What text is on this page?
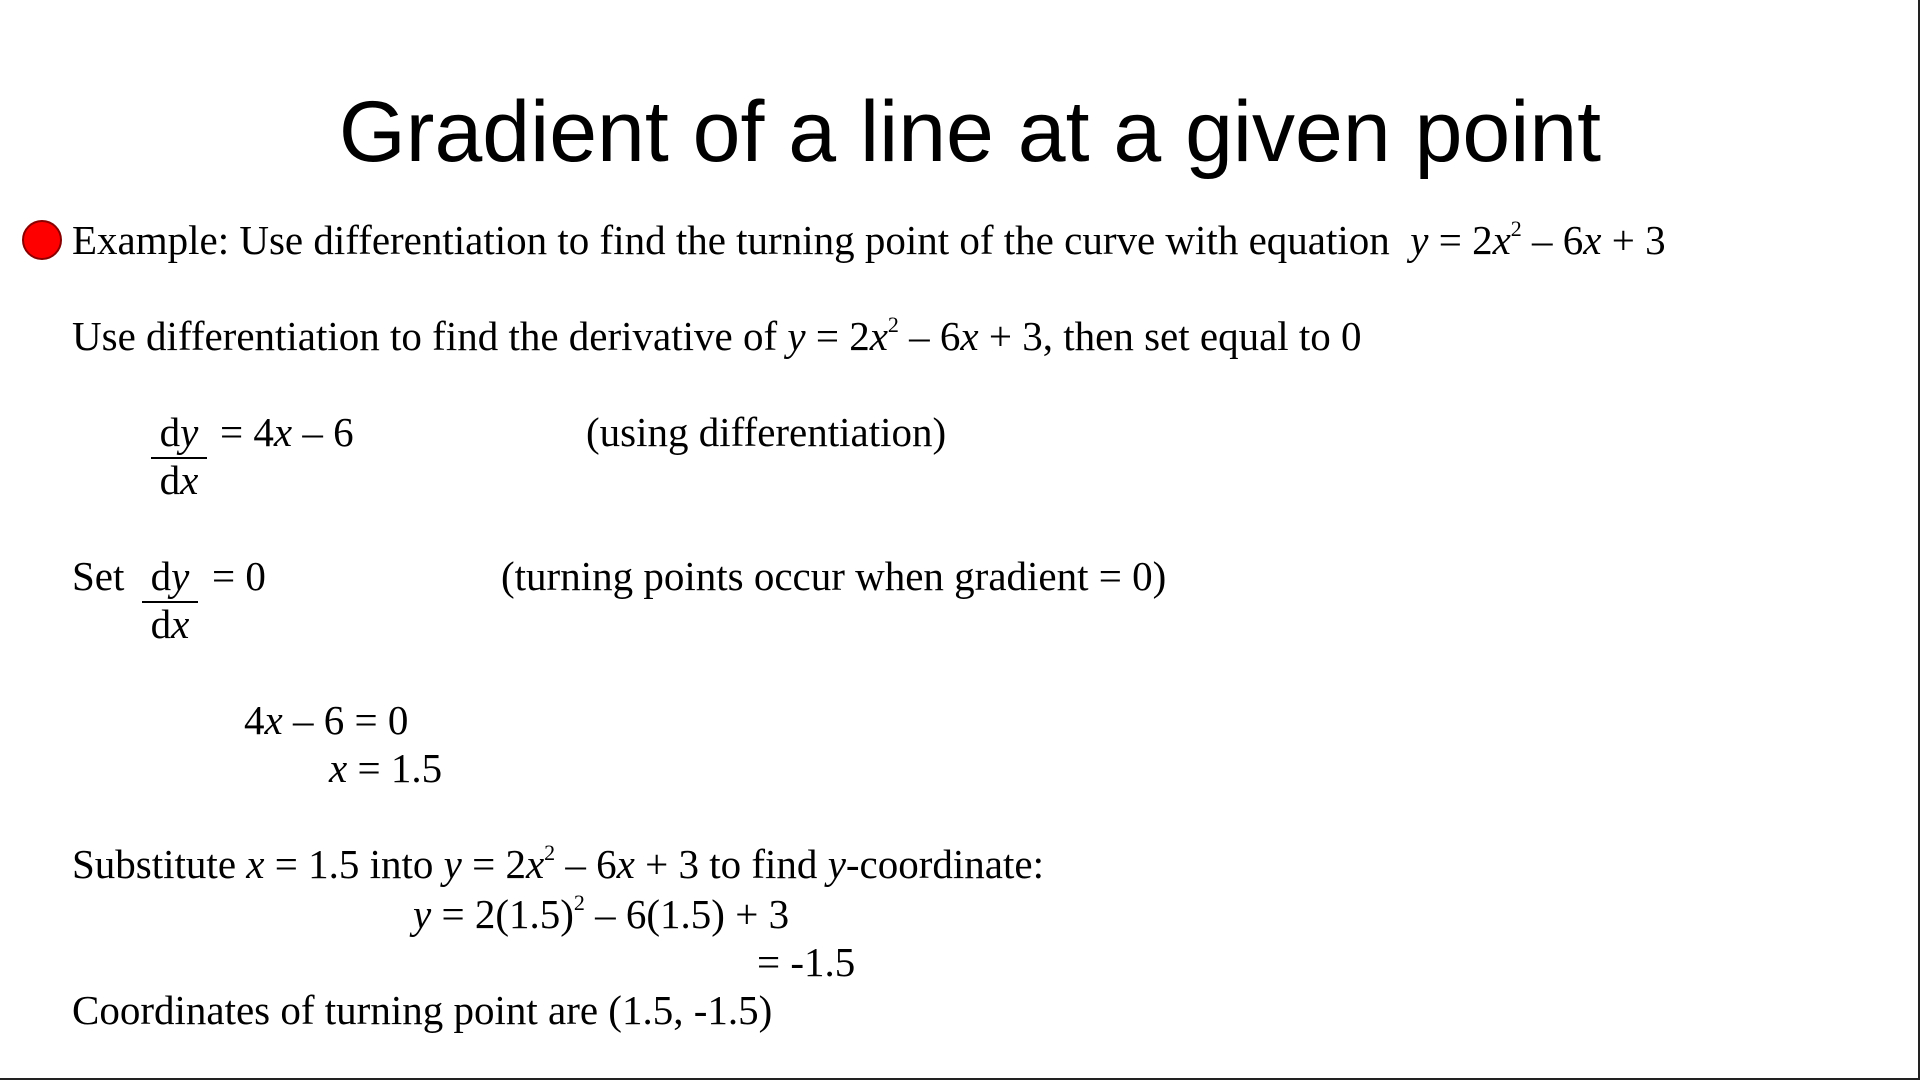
Gradient of a line at a given point
Example: Use differentiation to find the turning point of the curve with equation $y = 2x^2 - 6x + 3$
Use differentiation to find the derivative of $y = 2x^2 - 6x + 3$, then set equal to 0
dy
dx
= 4x – 6	(using differentiation)
Set dy
dx
= 0	(turning points occur when gradient = 0)
4x – 6 = 0
x = 1.5
Substitute x = 1.5 into $y = 2x^2 - 6x + 3$ to find y-coordinate:
$y = 2(1.5)^2 - 6(1.5) + 3$
= -1.5
Coordinates of turning point are (1.5, -1.5)
